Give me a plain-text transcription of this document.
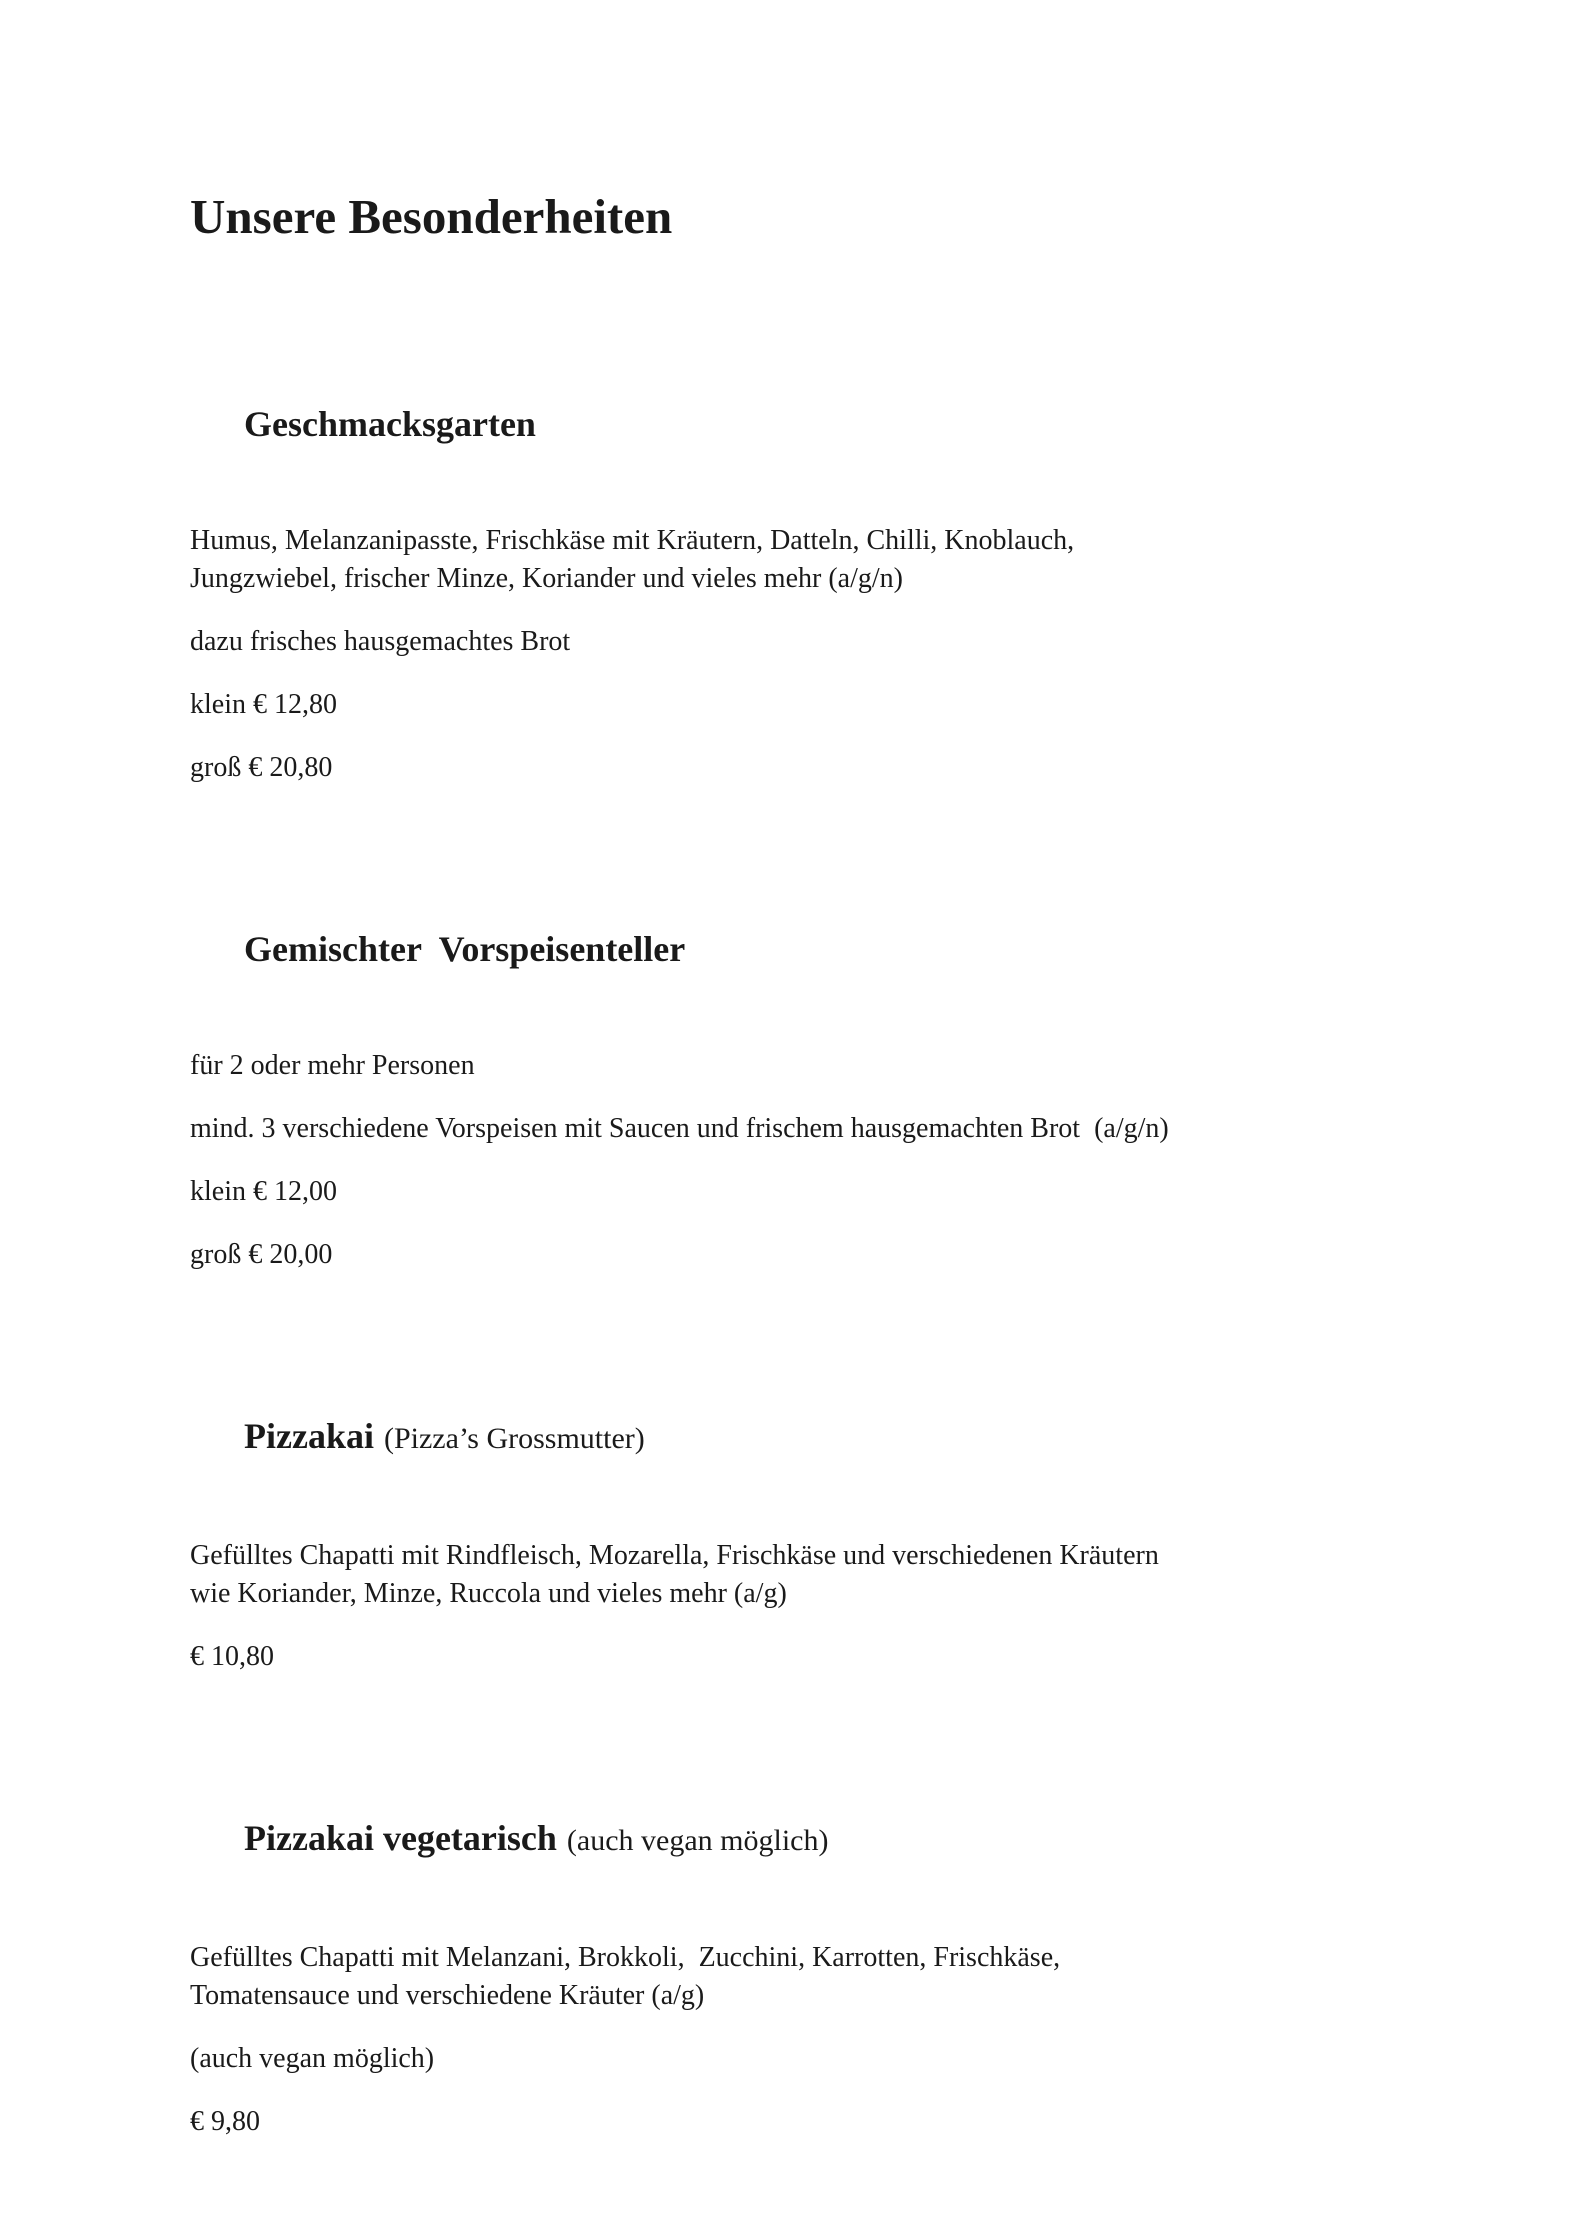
Unsere Besonderheiten

Geschmacksgarten

Humus, Melanzanipasste, Frischkäse mit Kräutern, Datteln, Chilli, Knoblauch,
Jungzwiebel, frischer Minze, Koriander und vieles mehr (a/g/n)

dazu frisches hausgemachtes Brot

klein € 12,80

groß € 20,80

Gemischter  Vorspeisenteller

für 2 oder mehr Personen

mind. 3 verschiedene Vorspeisen mit Saucen und frischem hausgemachten Brot  (a/g/n)

klein € 12,00

groß € 20,00

Pizzakai (Pizza’s Grossmutter)

Gefülltes Chapatti mit Rindfleisch, Mozarella, Frischkäse und verschiedenen Kräutern
wie Koriander, Minze, Ruccola und vieles mehr (a/g)

€ 10,80

Pizzakai vegetarisch (auch vegan möglich)

Gefülltes Chapatti mit Melanzani, Brokkoli,  Zucchini, Karrotten, Frischkäse,
Tomatensauce und verschiedene Kräuter (a/g)

(auch vegan möglich)

€ 9,80
